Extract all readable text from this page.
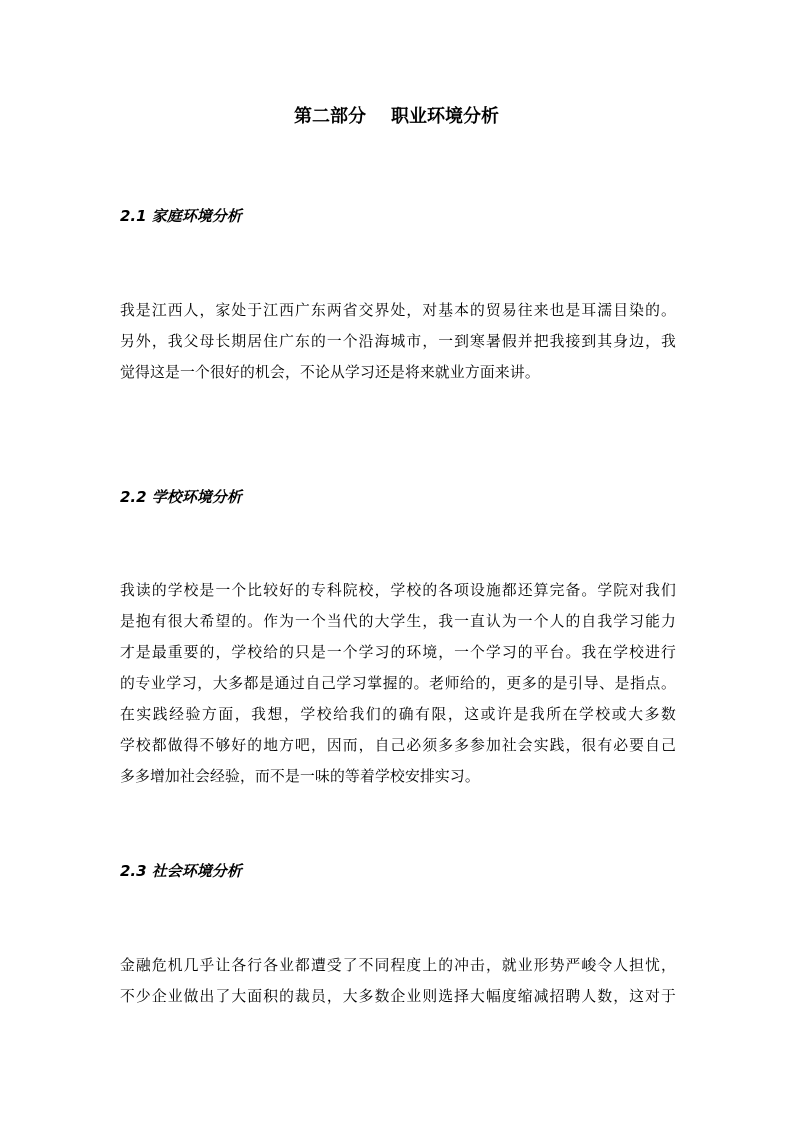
第二部分    职业环境分析
2.1 家庭环境分析
我是江西人，家处于江西广东两省交界处，对基本的贸易往来也是耳濡目染的。
另外，我父母长期居住广东的一个沿海城市，一到寒暑假并把我接到其身边，我
觉得这是一个很好的机会，不论从学习还是将来就业方面来讲。
2.2 学校环境分析
我读的学校是一个比较好的专科院校，学校的各项设施都还算完备。学院对我们
是抱有很大希望的。作为一个当代的大学生，我一直认为一个人的自我学习能力
才是最重要的，学校给的只是一个学习的环境，一个学习的平台。我在学校进行
的专业学习，大多都是通过自己学习掌握的。老师给的，更多的是引导、是指点。
在实践经验方面，我想，学校给我们的确有限，这或许是我所在学校或大多数
学校都做得不够好的地方吧，因而，自己必须多多参加社会实践，很有必要自己
多多增加社会经验，而不是一味的等着学校安排实习。
2.3 社会环境分析
金融危机几乎让各行各业都遭受了不同程度上的冲击，就业形势严峻令人担忧，
不少企业做出了大面积的裁员，大多数企业则选择大幅度缩减招聘人数，这对于
